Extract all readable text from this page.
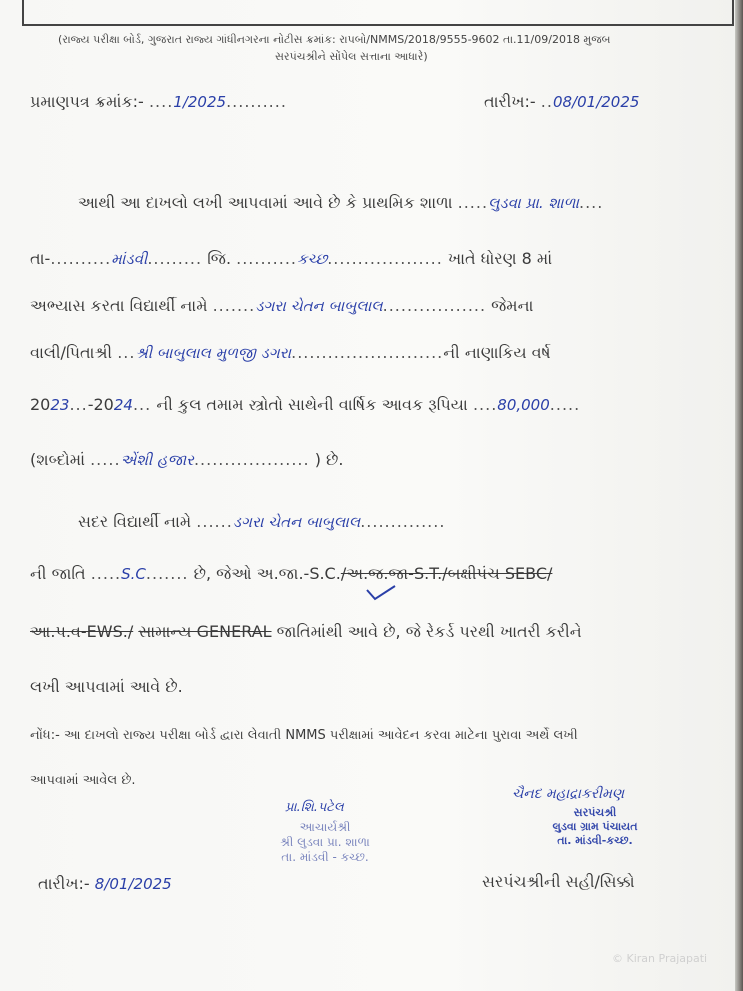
(રાજ્ય પરીક્ષા બોર્ડ, ગુજરાત રાજ્ય ગાંધીનગરના નોટીસ ક્રમાંક: રાપબો/NMMS/2018/9555-9602 તા.11/09/2018 મુજબ
સરપંચશ્રીને સોંપેલ સત્તાના આધારે)
પ્રમાણપત્ર ક્રમાંક:- ....1/2025..........	તારીખ:- ..08/01/2025
આથી આ દાખલો લખી આપવામાં આવે છે કે પ્રાથમિક શાળા .....લુડવા પ્રા. શાળા....
તા-..........માંડવી......... જિ. ..........કચ્છ................... ખાતે ધોરણ 8 માં
અભ્યાસ કરતા વિદ્યાર્થી નામે .......ડગરા ચેતન બાબુલાલ................. જેમના
વાલી/પિતાશ્રી ...શ્રી બાબુલાલ મુળજી ડગરા.........................ની નાણાકિય વર્ષ
2023...-2024... ની કુલ તમામ સ્ત્રોતો સાથેની વાર્ષિક આવક રૂપિયા ....80,000.....
(શબ્દોમાં .....એંશી હજાર................... ) છે.
સદર વિદ્યાર્થી નામે ......ડગરા ચેતન બાબુલાલ..............
ની જાતિ .....S.C....... છે, જેઓ અ.જા.-S.C./અ.જ.જા-S.T./બક્ષીપંચ SEBC/
આ.પ.વ-EWS./ સામાન્ય GENERAL જાતિમાંથી આવે છે, જે રેકર્ડ પરથી ખાતરી કરીને
લખી આપવામાં આવે છે.
નોંધ:- આ દાખલો રાજ્ય પરીક્ષા બોર્ડ દ્વારા લેવાતી NMMS પરીક્ષામાં આવેદન કરવા માટેના પુરાવા અર્થે લખી
આપવામાં આવેલ છે.
પ્રા.શિ.પટેલ
આચાર્યશ્રી
શ્રી લુડવા પ્રા. શાળા
તા. માંડવી - કચ્છ.
ચૈનદ મહાદ્રાકરીમણ
સરપંચશ્રી
લુડવા ગ્રામ પંચાયત
તા. માંડવી-કચ્છ.
તારીખ:- 8/01/2025	સરપંચશ્રીની સહી/સિક્કો
© Kiran Prajapati
